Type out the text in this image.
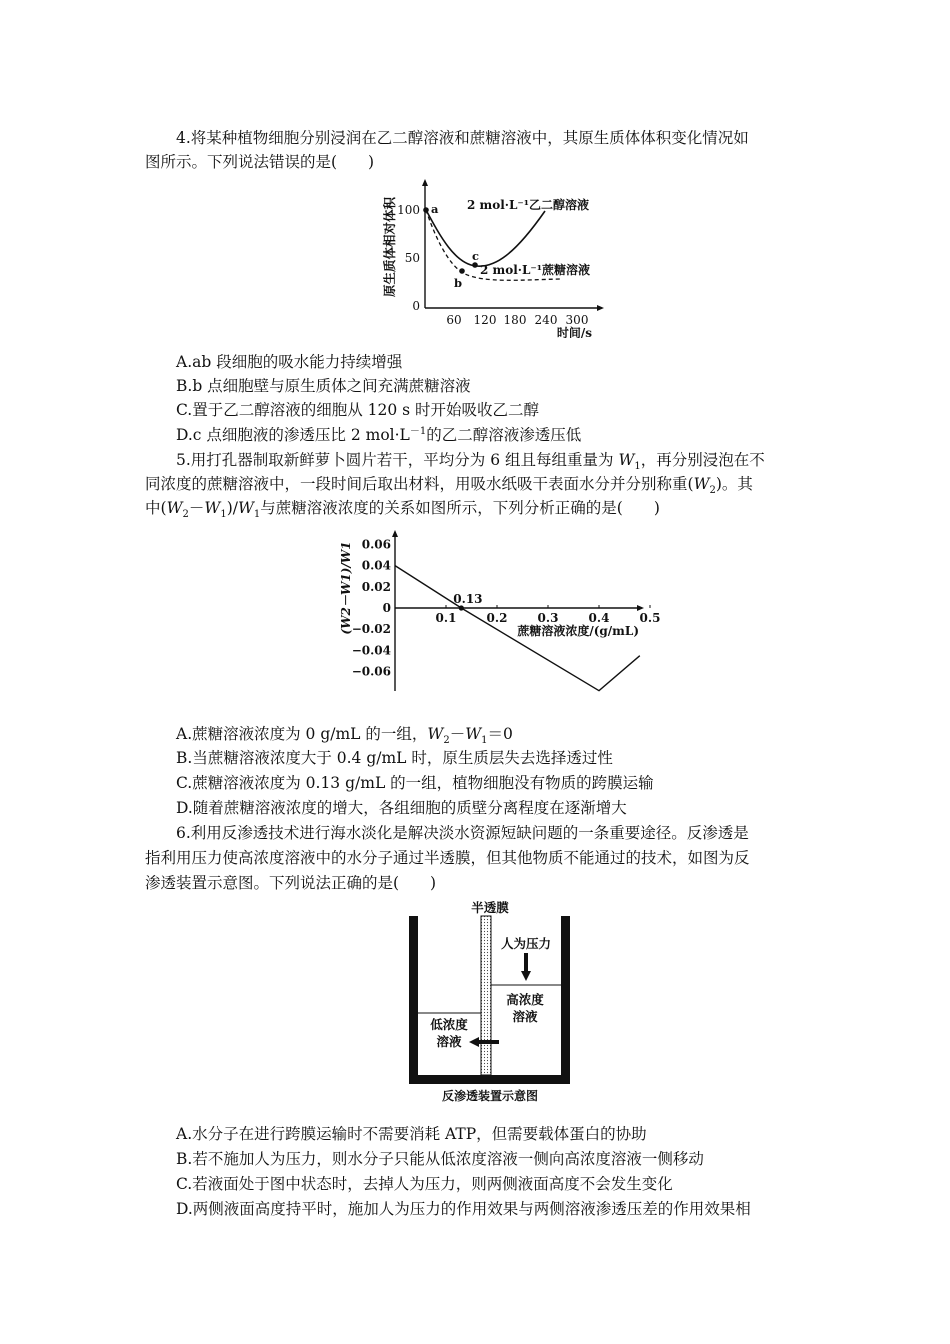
4.将某种植物细胞分别浸润在乙二醇溶液和蔗糖溶液中，其原生质体体积变化情况如
图所示。下列说法错误的是(　　)
原生质体相对体积 100
50
0
60 120 180 240 300
时间/s
a
b
c
2 mol·L⁻¹乙二醇溶液
2 mol·L⁻¹蔗糖溶液
A.ab 段细胞的吸水能力持续增强
B.b 点细胞壁与原生质体之间充满蔗糖溶液
C.置于乙二醇溶液的细胞从 120 s 时开始吸收乙二醇
D.c 点细胞液的渗透压比 2 $mol\cdot L^{-1}$的乙二醇溶液渗透压低
5.用打孔器制取新鲜萝卜圆片若干，平均分为 6 组且每组重量为 $W_1$，再分别浸泡在不
同浓度的蔗糖溶液中，一段时间后取出材料，用吸水纸吸干表面水分并分别称重$(W_2)$。其
中$(W_2-W_1)/W_1$与蔗糖溶液浓度的关系如图所示，下列分析正确的是(　　)
(W2－W1)/W1	0.1	0.2	0.3	0.4	0.5
0.06
0.04
0.02
0
−0.02
−0.04
−0.06
蔗糖溶液浓度/(g/mL)
0.13
A.蔗糖溶液浓度为 0 g/mL 的一组，$W_2-W_1=0$
B.当蔗糖溶液浓度大于 0.4 g/mL 时，原生质层失去选择透过性
C.蔗糖溶液浓度为 0.13 g/mL 的一组，植物细胞没有物质的跨膜运输
D.随着蔗糖溶液浓度的增大，各组细胞的质壁分离程度在逐渐增大
6.利用反渗透技术进行海水淡化是解决淡水资源短缺问题的一条重要途径。反渗透是
指利用压力使高浓度溶液中的水分子通过半透膜，但其他物质不能通过的技术，如图为反
渗透装置示意图。下列说法正确的是(　　)
半透膜
人为压力
高浓度
溶液
低浓度
溶液
反渗透装置示意图
A.水分子在进行跨膜运输时不需要消耗 ATP，但需要载体蛋白的协助
B.若不施加人为压力，则水分子只能从低浓度溶液一侧向高浓度溶液一侧移动
C.若液面处于图中状态时，去掉人为压力，则两侧液面高度不会发生变化
D.两侧液面高度持平时，施加人为压力的作用效果与两侧溶液渗透压差的作用效果相
